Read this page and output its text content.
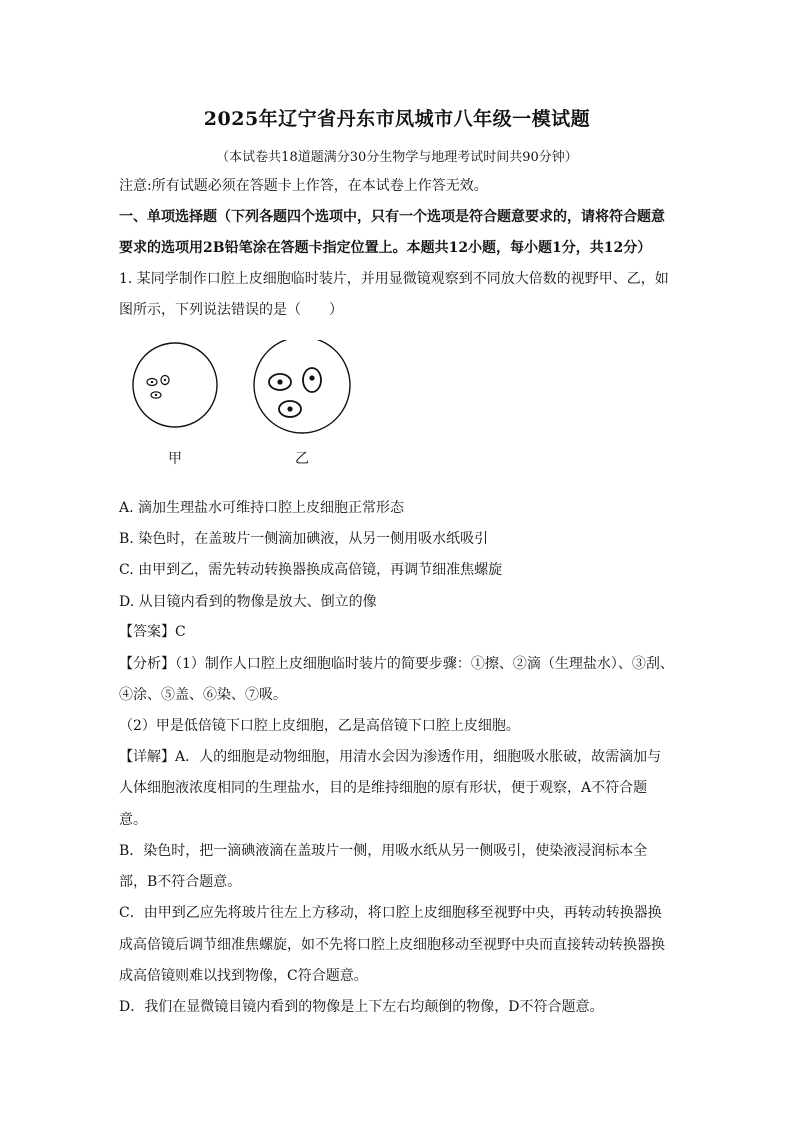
2025年辽宁省丹东市凤城市八年级一模试题
（本试卷共18道题满分30分生物学与地理考试时间共90分钟）
注意:所有试题必须在答题卡上作答，在本试卷上作答无效。
一、单项选择题（下列各题四个选项中，只有一个选项是符合题意要求的，请将符合题意
要求的选项用2B铅笔涂在答题卡指定位置上。本题共12小题，每小题1分，共12分）
1. 某同学制作口腔上皮细胞临时装片，并用显微镜观察到不同放大倍数的视野甲、乙，如
图所示，下列说法错误的是（　　）
甲	乙
A. 滴加生理盐水可维持口腔上皮细胞正常形态
B. 染色时，在盖玻片一侧滴加碘液，从另一侧用吸水纸吸引
C. 由甲到乙，需先转动转换器换成高倍镜，再调节细准焦螺旋
D. 从目镜内看到的物像是放大、倒立的像
【答案】C
【分析】（1）制作人口腔上皮细胞临时装片的简要步骤：①擦、②滴（生理盐水）、③刮、
④涂、⑤盖、⑥染、⑦吸。
（2）甲是低倍镜下口腔上皮细胞，乙是高倍镜下口腔上皮细胞。
【详解】A．人的细胞是动物细胞，用清水会因为渗透作用，细胞吸水胀破，故需滴加与
人体细胞液浓度相同的生理盐水，目的是维持细胞的原有形状，便于观察，A不符合题
意。
B．染色时，把一滴碘液滴在盖玻片一侧，用吸水纸从另一侧吸引，使染液浸润标本全
部，B不符合题意。
C．由甲到乙应先将玻片往左上方移动，将口腔上皮细胞移至视野中央，再转动转换器换
成高倍镜后调节细准焦螺旋，如不先将口腔上皮细胞移动至视野中央而直接转动转换器换
成高倍镜则难以找到物像，C符合题意。
D．我们在显微镜目镜内看到的物像是上下左右均颠倒的物像，D不符合题意。
